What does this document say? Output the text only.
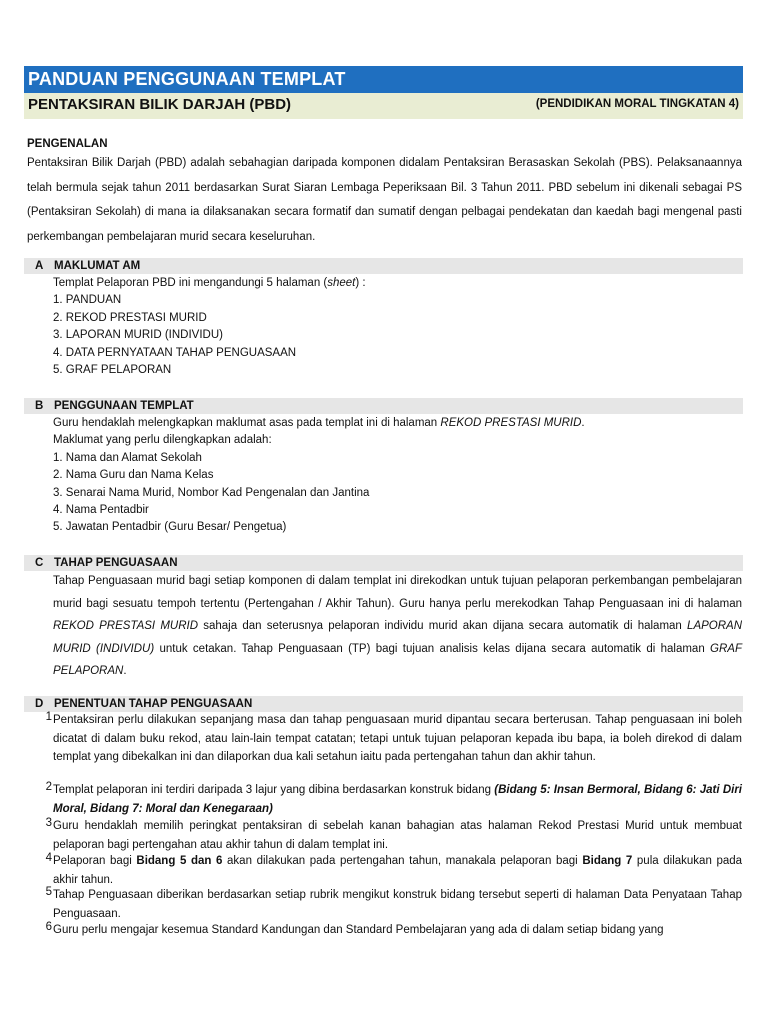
PANDUAN PENGGUNAAN TEMPLAT
PENTAKSIRAN BILIK DARJAH (PBD)	(PENDIDIKAN MORAL TINGKATAN 4)
PENGENALAN
Pentaksiran Bilik Darjah (PBD) adalah sebahagian daripada komponen didalam Pentaksiran Berasaskan Sekolah (PBS). Pelaksanaannya telah bermula sejak tahun 2011 berdasarkan Surat Siaran Lembaga Peperiksaan Bil. 3 Tahun 2011. PBD sebelum ini dikenali sebagai PS (Pentaksiran Sekolah) di mana ia dilaksanakan secara formatif dan sumatif dengan pelbagai pendekatan dan kaedah bagi mengenal pasti perkembangan pembelajaran murid secara keseluruhan.
A MAKLUMAT AM
Templat Pelaporan PBD ini mengandungi 5 halaman (sheet) :
1. PANDUAN
2. REKOD PRESTASI MURID
3. LAPORAN MURID (INDIVIDU)
4. DATA PERNYATAAN TAHAP PENGUASAAN
5. GRAF PELAPORAN
B PENGGUNAAN TEMPLAT
Guru hendaklah melengkapkan maklumat asas pada templat ini di halaman REKOD PRESTASI MURID.
Maklumat yang perlu dilengkapkan adalah:
1. Nama dan Alamat Sekolah
2. Nama Guru dan Nama Kelas
3. Senarai Nama Murid, Nombor Kad Pengenalan dan Jantina
4. Nama Pentadbir
5. Jawatan Pentadbir (Guru Besar/ Pengetua)
C TAHAP PENGUASAAN
Tahap Penguasaan murid bagi setiap komponen di dalam templat ini direkodkan untuk tujuan pelaporan perkembangan pembelajaran murid bagi sesuatu tempoh tertentu (Pertengahan / Akhir Tahun). Guru hanya perlu merekodkan Tahap Penguasaan ini di halaman REKOD PRESTASI MURID sahaja dan seterusnya pelaporan individu murid akan dijana secara automatik di halaman LAPORAN MURID (INDIVIDU) untuk cetakan. Tahap Penguasaan (TP) bagi tujuan analisis kelas dijana secara automatik di halaman GRAF PELAPORAN.
D PENENTUAN TAHAP PENGUASAAN
1 Pentaksiran perlu dilakukan sepanjang masa dan tahap penguasaan murid dipantau secara berterusan. Tahap penguasaan ini boleh dicatat di dalam buku rekod, atau lain-lain tempat catatan; tetapi untuk tujuan pelaporan kepada ibu bapa, ia boleh direkod di dalam templat yang dibekalkan ini dan dilaporkan dua kali setahun iaitu pada pertengahan tahun dan akhir tahun.
2 Templat pelaporan ini terdiri daripada 3 lajur yang dibina berdasarkan konstruk bidang (Bidang 5: Insan Bermoral, Bidang 6: Jati Diri Moral, Bidang 7: Moral dan Kenegaraan)
3 Guru hendaklah memilih peringkat pentaksiran di sebelah kanan bahagian atas halaman Rekod Prestasi Murid untuk membuat pelaporan bagi pertengahan atau akhir tahun di dalam templat ini.
4 Pelaporan bagi Bidang 5 dan 6 akan dilakukan pada pertengahan tahun, manakala pelaporan bagi Bidang 7 pula dilakukan pada akhir tahun.
5 Tahap Penguasaan diberikan berdasarkan setiap rubrik mengikut konstruk bidang tersebut seperti di halaman Data Penyataan Tahap Penguasaan.
6 Guru perlu mengajar kesemua Standard Kandungan dan Standard Pembelajaran yang ada di dalam setiap bidang yang
